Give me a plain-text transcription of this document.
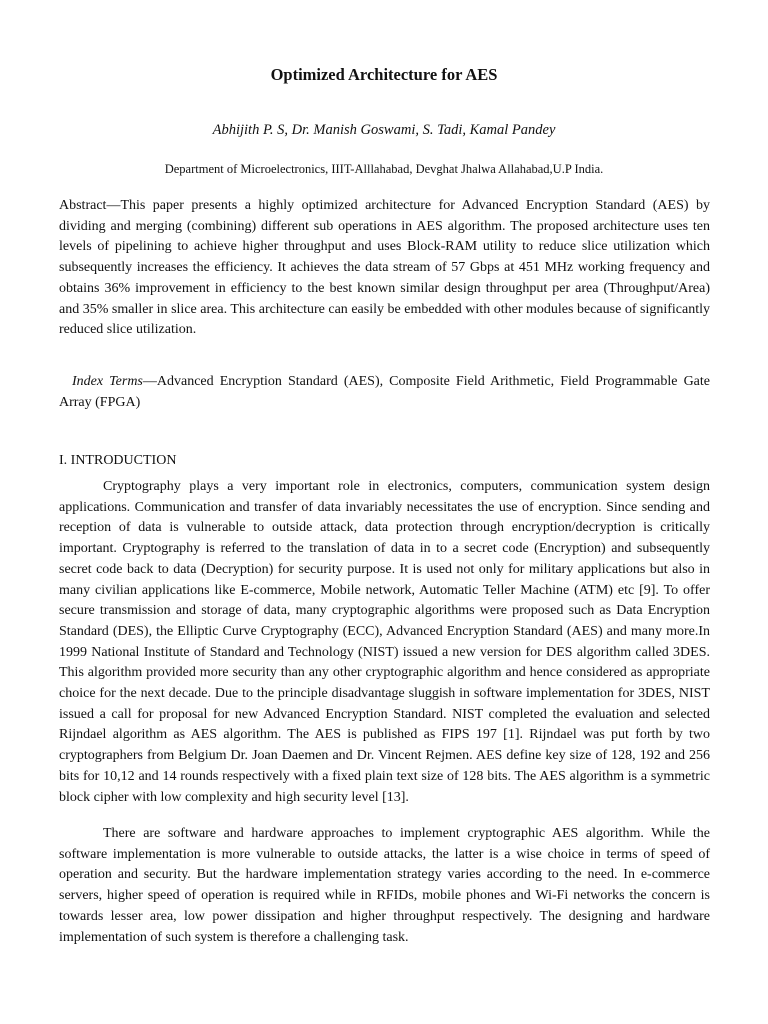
Optimized Architecture for AES
Abhijith P. S, Dr. Manish Goswami, S. Tadi, Kamal Pandey
Department of Microelectronics, IIIT-Alllahabad, Devghat Jhalwa Allahabad,U.P India.
Abstract—This paper presents a highly optimized architecture for Advanced Encryption Standard (AES) by dividing and merging (combining) different sub operations in AES algorithm. The proposed architecture uses ten levels of pipelining to achieve higher throughput and uses Block-RAM utility to reduce slice utilization which subsequently increases the efficiency. It achieves the data stream of 57 Gbps at 451 MHz working frequency and obtains 36% improvement in efficiency to the best known similar design throughput per area (Throughput/Area) and 35% smaller in slice area. This architecture can easily be embedded with other modules because of significantly reduced slice utilization.
Index Terms—Advanced Encryption Standard (AES), Composite Field Arithmetic, Field Programmable Gate Array (FPGA)
I. INTRODUCTION
Cryptography plays a very important role in electronics, computers, communication system design applications. Communication and transfer of data invariably necessitates the use of encryption. Since sending and reception of data is vulnerable to outside attack, data protection through encryption/decryption is critically important. Cryptography is referred to the translation of data in to a secret code (Encryption) and subsequently secret code back to data (Decryption) for security purpose. It is used not only for military applications but also in many civilian applications like E-commerce, Mobile network, Automatic Teller Machine (ATM) etc [9]. To offer secure transmission and storage of data, many cryptographic algorithms were proposed such as Data Encryption Standard (DES), the Elliptic Curve Cryptography (ECC), Advanced Encryption Standard (AES) and many more.In 1999 National Institute of Standard and Technology (NIST) issued a new version for DES algorithm called 3DES. This algorithm provided more security than any other cryptographic algorithm and hence considered as appropriate choice for the next decade. Due to the principle disadvantage sluggish in software implementation for 3DES, NIST issued a call for proposal for new Advanced Encryption Standard. NIST completed the evaluation and selected Rijndael algorithm as AES algorithm. The AES is published as FIPS 197 [1]. Rijndael was put forth by two cryptographers from Belgium Dr. Joan Daemen and Dr. Vincent Rejmen. AES define key size of 128, 192 and 256 bits for 10,12 and 14 rounds respectively with a fixed plain text size of 128 bits. The AES algorithm is a symmetric block cipher with low complexity and high security level [13].
There are software and hardware approaches to implement cryptographic AES algorithm. While the software implementation is more vulnerable to outside attacks, the latter is a wise choice in terms of speed of operation and security. But the hardware implementation strategy varies according to the need. In e-commerce servers, higher speed of operation is required while in RFIDs, mobile phones and Wi-Fi networks the concern is towards lesser area, low power dissipation and higher throughput respectively. The designing and hardware implementation of such system is therefore a challenging task.
